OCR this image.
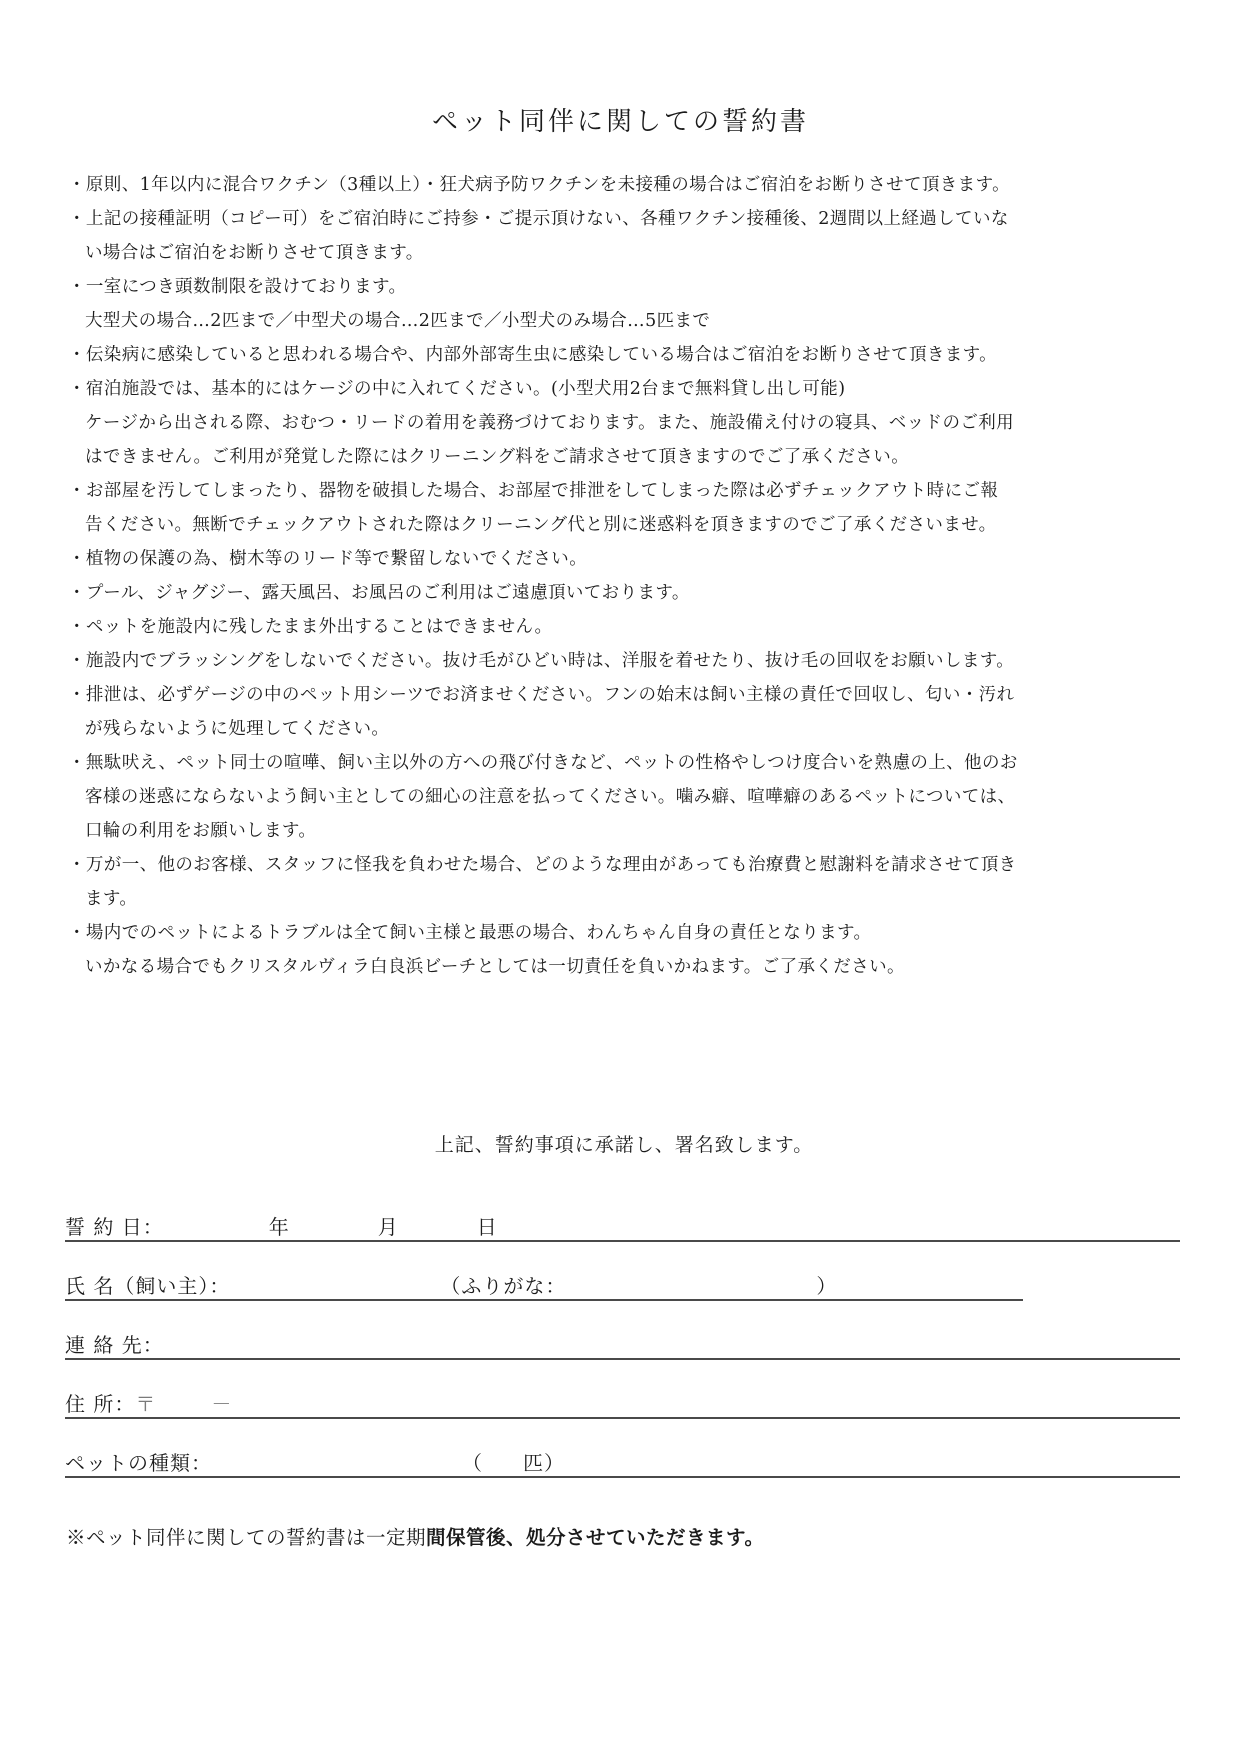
ペット同伴に関しての誓約書
・原則、1年以内に混合ワクチン（3種以上）・狂犬病予防ワクチンを未接種の場合はご宿泊をお断りさせて頂きます。
・上記の接種証明（コピー可）をご宿泊時にご持参・ご提示頂けない、各種ワクチン接種後、2週間以上経過していな
い場合はご宿泊をお断りさせて頂きます。
・一室につき頭数制限を設けております。
大型犬の場合…2匹まで／中型犬の場合…2匹まで／小型犬のみ場合…5匹まで
・伝染病に感染していると思われる場合や、内部外部寄生虫に感染している場合はご宿泊をお断りさせて頂きます。
・宿泊施設では、基本的にはケージの中に入れてください。(小型犬用2台まで無料貸し出し可能)
ケージから出される際、おむつ・リードの着用を義務づけております。また、施設備え付けの寝具、ベッドのご利用
はできません。ご利用が発覚した際にはクリーニング料をご請求させて頂きますのでご了承ください。
・お部屋を汚してしまったり、器物を破損した場合、お部屋で排泄をしてしまった際は必ずチェックアウト時にご報
告ください。無断でチェックアウトされた際はクリーニング代と別に迷惑料を頂きますのでご了承くださいませ。
・植物の保護の為、樹木等のリード等で繋留しないでください。
・プール、ジャグジー、露天風呂、お風呂のご利用はご遠慮頂いております。
・ペットを施設内に残したまま外出することはできません。
・施設内でブラッシングをしないでください。抜け毛がひどい時は、洋服を着せたり、抜け毛の回収をお願いします。
・排泄は、必ずゲージの中のペット用シーツでお済ませください。フンの始末は飼い主様の責任で回収し、匂い・汚れ
が残らないように処理してください。
・無駄吠え、ペット同士の喧嘩、飼い主以外の方への飛び付きなど、ペットの性格やしつけ度合いを熟慮の上、他のお
客様の迷惑にならないよう飼い主としての細心の注意を払ってください。噛み癖、喧嘩癖のあるペットについては、
口輪の利用をお願いします。
・万が一、他のお客様、スタッフに怪我を負わせた場合、どのような理由があっても治療費と慰謝料を請求させて頂き
ます。
・場内でのペットによるトラブルは全て飼い主様と最悪の場合、わんちゃん自身の責任となります。
いかなる場合でもクリスタルヴィラ白良浜ビーチとしては一切責任を負いかねます。ご了承ください。
上記、誓約事項に承諾し、署名致します。
誓 約 日：	年	月	日
氏 名（飼い主）：	（ふりがな：	）
連 絡 先：
住 所： 〒	－
ペットの種類：	（ 匹）
※ペット同伴に関しての誓約書は一定期間保管後、処分させていただきます。
